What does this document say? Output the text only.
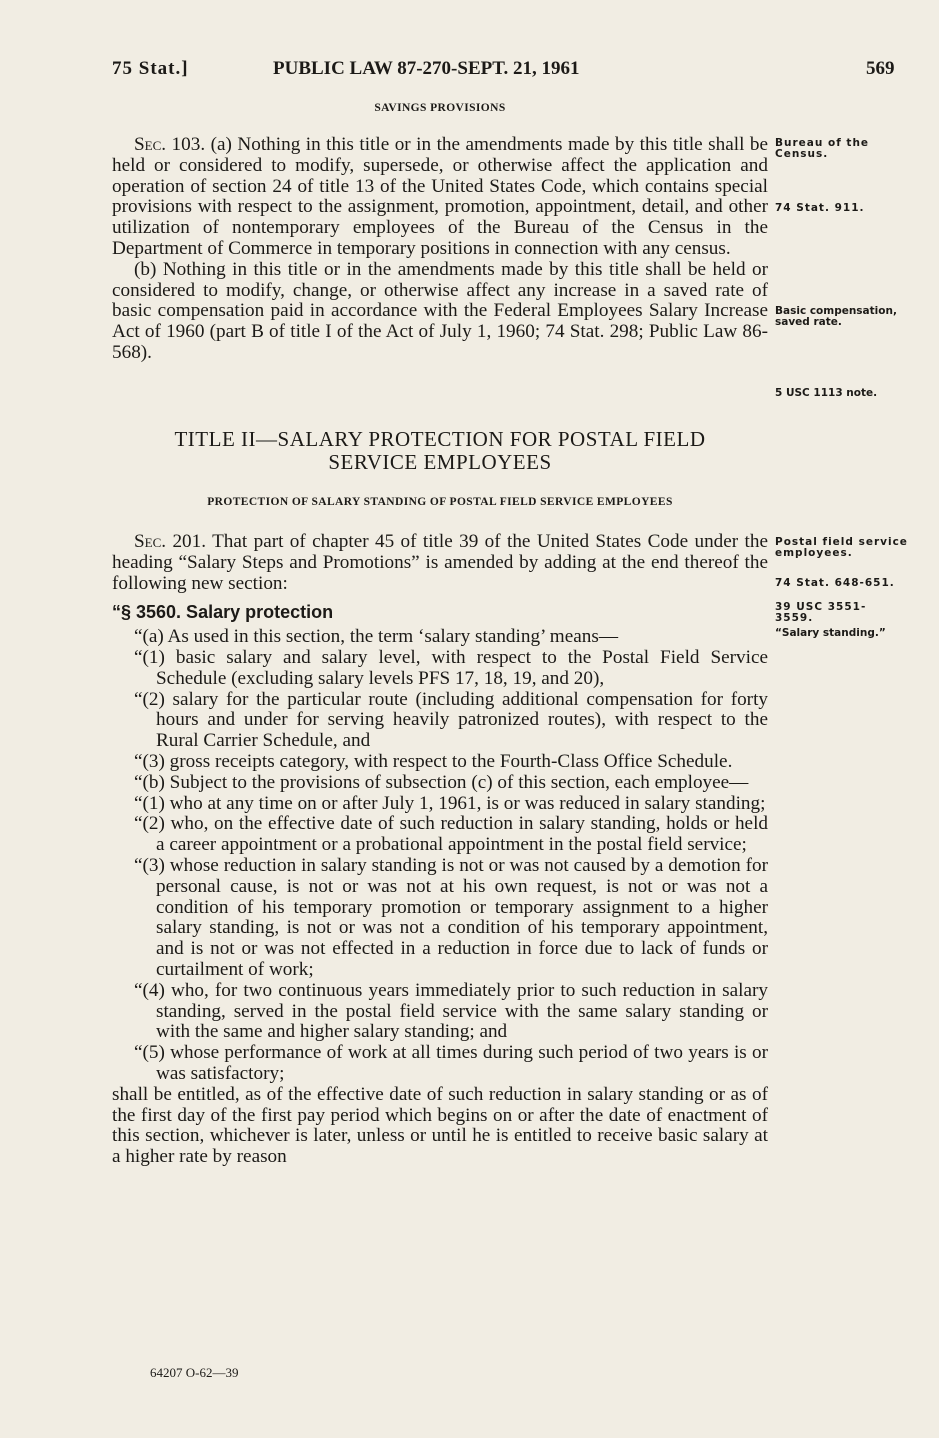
75 Stat.]	PUBLIC LAW 87-270-SEPT. 21, 1961	569
SAVINGS PROVISIONS

Sec. 103. (a) Nothing in this title or in the amendments made by this title shall be held or considered to modify, supersede, or otherwise affect the application and operation of section 24 of title 13 of the United States Code, which contains special provisions with respect to the assignment, promotion, appointment, detail, and other utilization of nontemporary employees of the Bureau of the Census in the Department of Commerce in temporary positions in connection with any census.

(b) Nothing in this title or in the amendments made by this title shall be held or considered to modify, change, or otherwise affect any increase in a saved rate of basic compensation paid in accordance with the Federal Employees Salary Increase Act of 1960 (part B of title I of the Act of July 1, 1960; 74 Stat. 298; Public Law 86-568).

TITLE II—SALARY PROTECTION FOR POSTAL FIELD
SERVICE EMPLOYEES
PROTECTION OF SALARY STANDING OF POSTAL FIELD SERVICE EMPLOYEES

Sec. 201. That part of chapter 45 of title 39 of the United States Code under the heading “Salary Steps and Promotions” is amended by adding at the end thereof the following new section:

“§ 3560. Salary protection

“(a) As used in this section, the term ‘salary standing’ means—

“(1) basic salary and salary level, with respect to the Postal Field Service Schedule (excluding salary levels PFS 17, 18, 19, and 20),

“(2) salary for the particular route (including additional compensation for forty hours and under for serving heavily patronized routes), with respect to the Rural Carrier Schedule, and

“(3) gross receipts category, with respect to the Fourth-Class Office Schedule.

“(b) Subject to the provisions of subsection (c) of this section, each employee—

“(1) who at any time on or after July 1, 1961, is or was reduced in salary standing;

“(2) who, on the effective date of such reduction in salary standing, holds or held a career appointment or a probational appointment in the postal field service;

“(3) whose reduction in salary standing is not or was not caused by a demotion for personal cause, is not or was not at his own request, is not or was not a condition of his temporary promotion or temporary assignment to a higher salary standing, is not or was not a condition of his temporary appointment, and is not or was not effected in a reduction in force due to lack of funds or curtailment of work;

“(4) who, for two continuous years immediately prior to such reduction in salary standing, served in the postal field service with the same salary standing or with the same and higher salary standing; and

“(5) whose performance of work at all times during such period of two years is or was satisfactory;

shall be entitled, as of the effective date of such reduction in salary standing or as of the first day of the first pay period which begins on or after the date of enactment of this section, whichever is later, unless or until he is entitled to receive basic salary at a higher rate by reason

Bureau of the Census.
74 Stat. 911.
Basic compensation, saved rate.
5 USC 1113 note.
Postal field service employees.
74 Stat. 648-651.
39 USC 3551-3559.
“Salary standing.”
64207 O-62—39
